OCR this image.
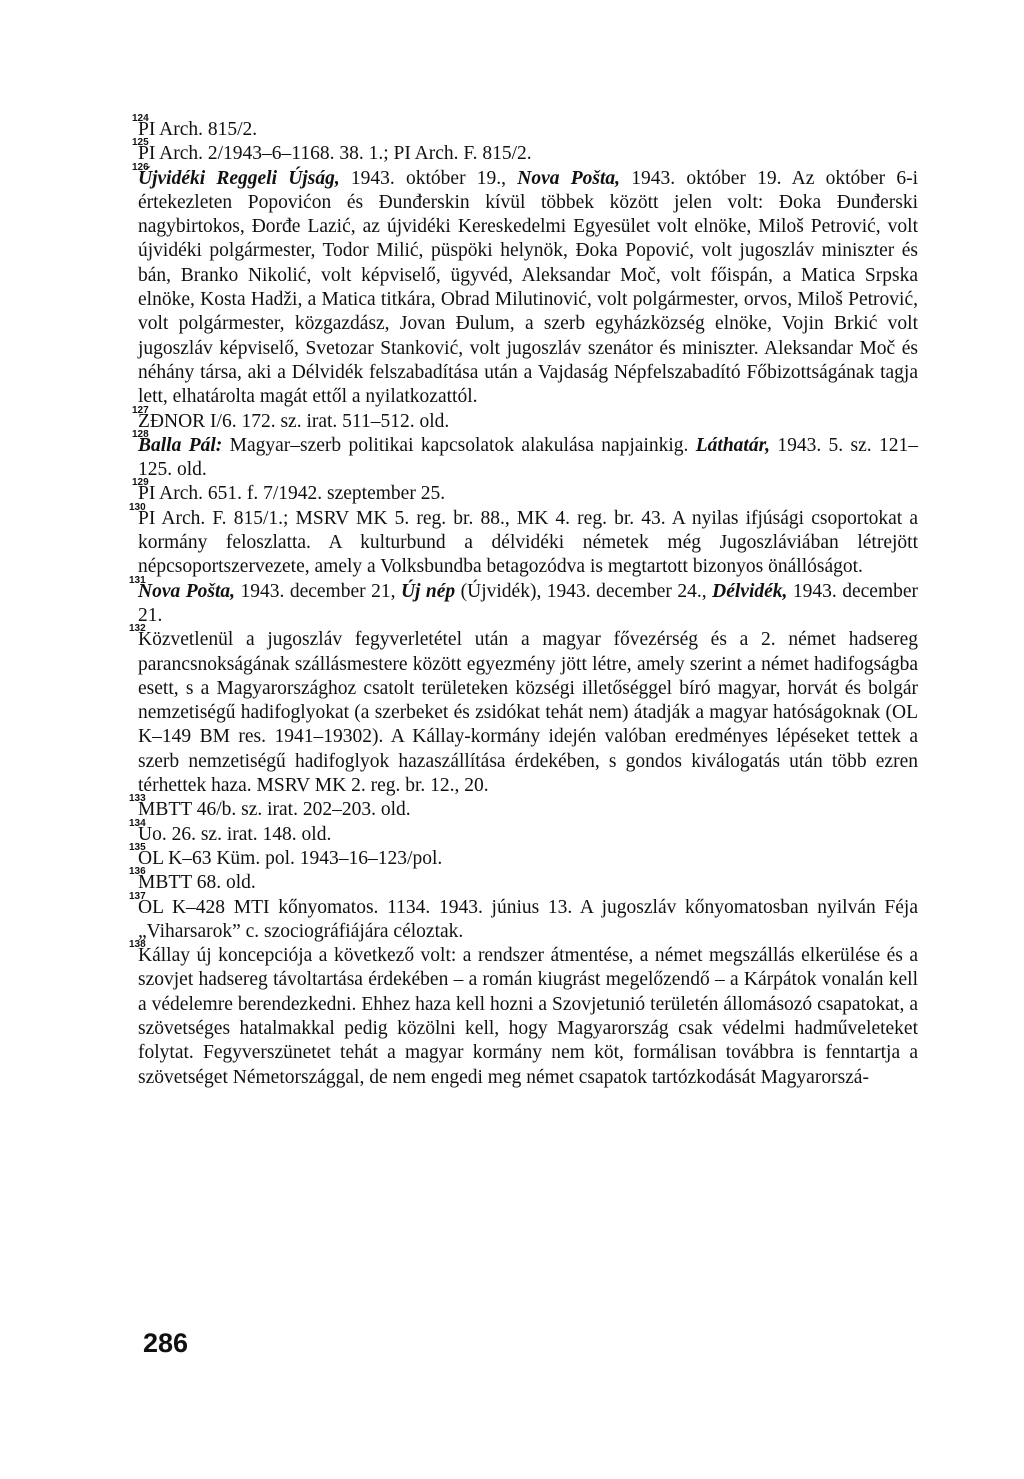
124
PI Arch. 815/2.

125
PI Arch. 2/1943–6–1168. 38. 1.; PI Arch. F. 815/2.

126
Újvidéki Reggeli Újság, 1943. október 19., Nova Pošta, 1943. október 19. Az október 6-i értekezleten Popovićon és Đunđerskin kívül többek között jelen volt: Đoka Đunđerski nagybirtokos, Đorđe Lazić, az újvidéki Kereskedelmi Egyesület volt elnöke, Miloš Petrović, volt újvidéki polgármester, Todor Milić, püspöki helynök, Đoka Popović, volt jugoszláv miniszter és bán, Branko Nikolić, volt képviselő, ügyvéd, Aleksandar Moč, volt főispán, a Matica Srpska elnöke, Kosta Hadži, a Matica titkára, Obrad Milutinović, volt polgármester, orvos, Miloš Petrović, volt polgármester, közgazdász, Jovan Đulum, a szerb egyházközség elnöke, Vojin Brkić volt jugoszláv képviselő, Svetozar Stanković, volt jugoszláv szenátor és miniszter. Aleksandar Moč és néhány társa, aki a Délvidék felszabadítása után a Vajdaság Népfelszabadító Főbizottságának tagja lett, elhatárolta magát ettől a nyilatkozattól.

127
ZĐNOR I/6. 172. sz. irat. 511–512. old.

128
Balla Pál: Magyar–szerb politikai kapcsolatok alakulása napjainkig. Láthatár, 1943. 5. sz. 121–125. old.

129
PI Arch. 651. f. 7/1942. szeptember 25.

130
PI Arch. F. 815/1.; MSRV MK 5. reg. br. 88., MK 4. reg. br. 43. A nyilas ifjúsági csoportokat a kormány feloszlatta. A kulturbund a délvidéki németek még Jugoszláviában létrejött népcsoportszervezete, amely a Volksbundba betagozódva is megtartott bizonyos önállóságot.

131
Nova Pošta, 1943. december 21, Új nép (Újvidék), 1943. december 24., Délvidék, 1943. december 21.

132
Közvetlenül a jugoszláv fegyverletétel után a magyar fővezérség és a 2. német hadsereg parancsnokságának szállásmestere között egyezmény jött létre, amely szerint a német hadifogságba esett, s a Magyarországhoz csatolt területeken községi illetőséggel bíró magyar, horvát és bolgár nemzetiségű hadifoglyokat (a szerbeket és zsidókat tehát nem) átadják a magyar hatóságoknak (OL K–149 BM res. 1941–19302). A Kállay-kormány idején valóban eredményes lépéseket tettek a szerb nemzetiségű hadifoglyok hazaszállítása érdekében, s gondos kiválogatás után több ezren térhettek haza. MSRV MK 2. reg. br. 12., 20.

133
MBTT 46/b. sz. irat. 202–203. old.

134
Uo. 26. sz. irat. 148. old.

135
OL K–63 Küm. pol. 1943–16–123/pol.

136
MBTT 68. old.

137
OL K–428 MTI kőnyomatos. 1134. 1943. június 13. A jugoszláv kőnyomatosban nyilván Féja „Viharsarok” c. szociográfiájára céloztak.

138
Kállay új koncepciója a következő volt: a rendszer átmentése, a német megszállás elkerülése és a szovjet hadsereg távoltartása érdekében – a román kiugrást megelőzendő – a Kárpátok vonalán kell a védelemre berendezkedni. Ehhez haza kell hozni a Szovjetunió területén állomásozó csapatokat, a szövetséges hatalmakkal pedig közölni kell, hogy Magyarország csak védelmi hadműveleteket folytat. Fegyverszünetet tehát a magyar kormány nem köt, formálisan továbbra is fenntartja a szövetséget Németországgal, de nem engedi meg német csapatok tartózkodását Magyarorszá-

286
